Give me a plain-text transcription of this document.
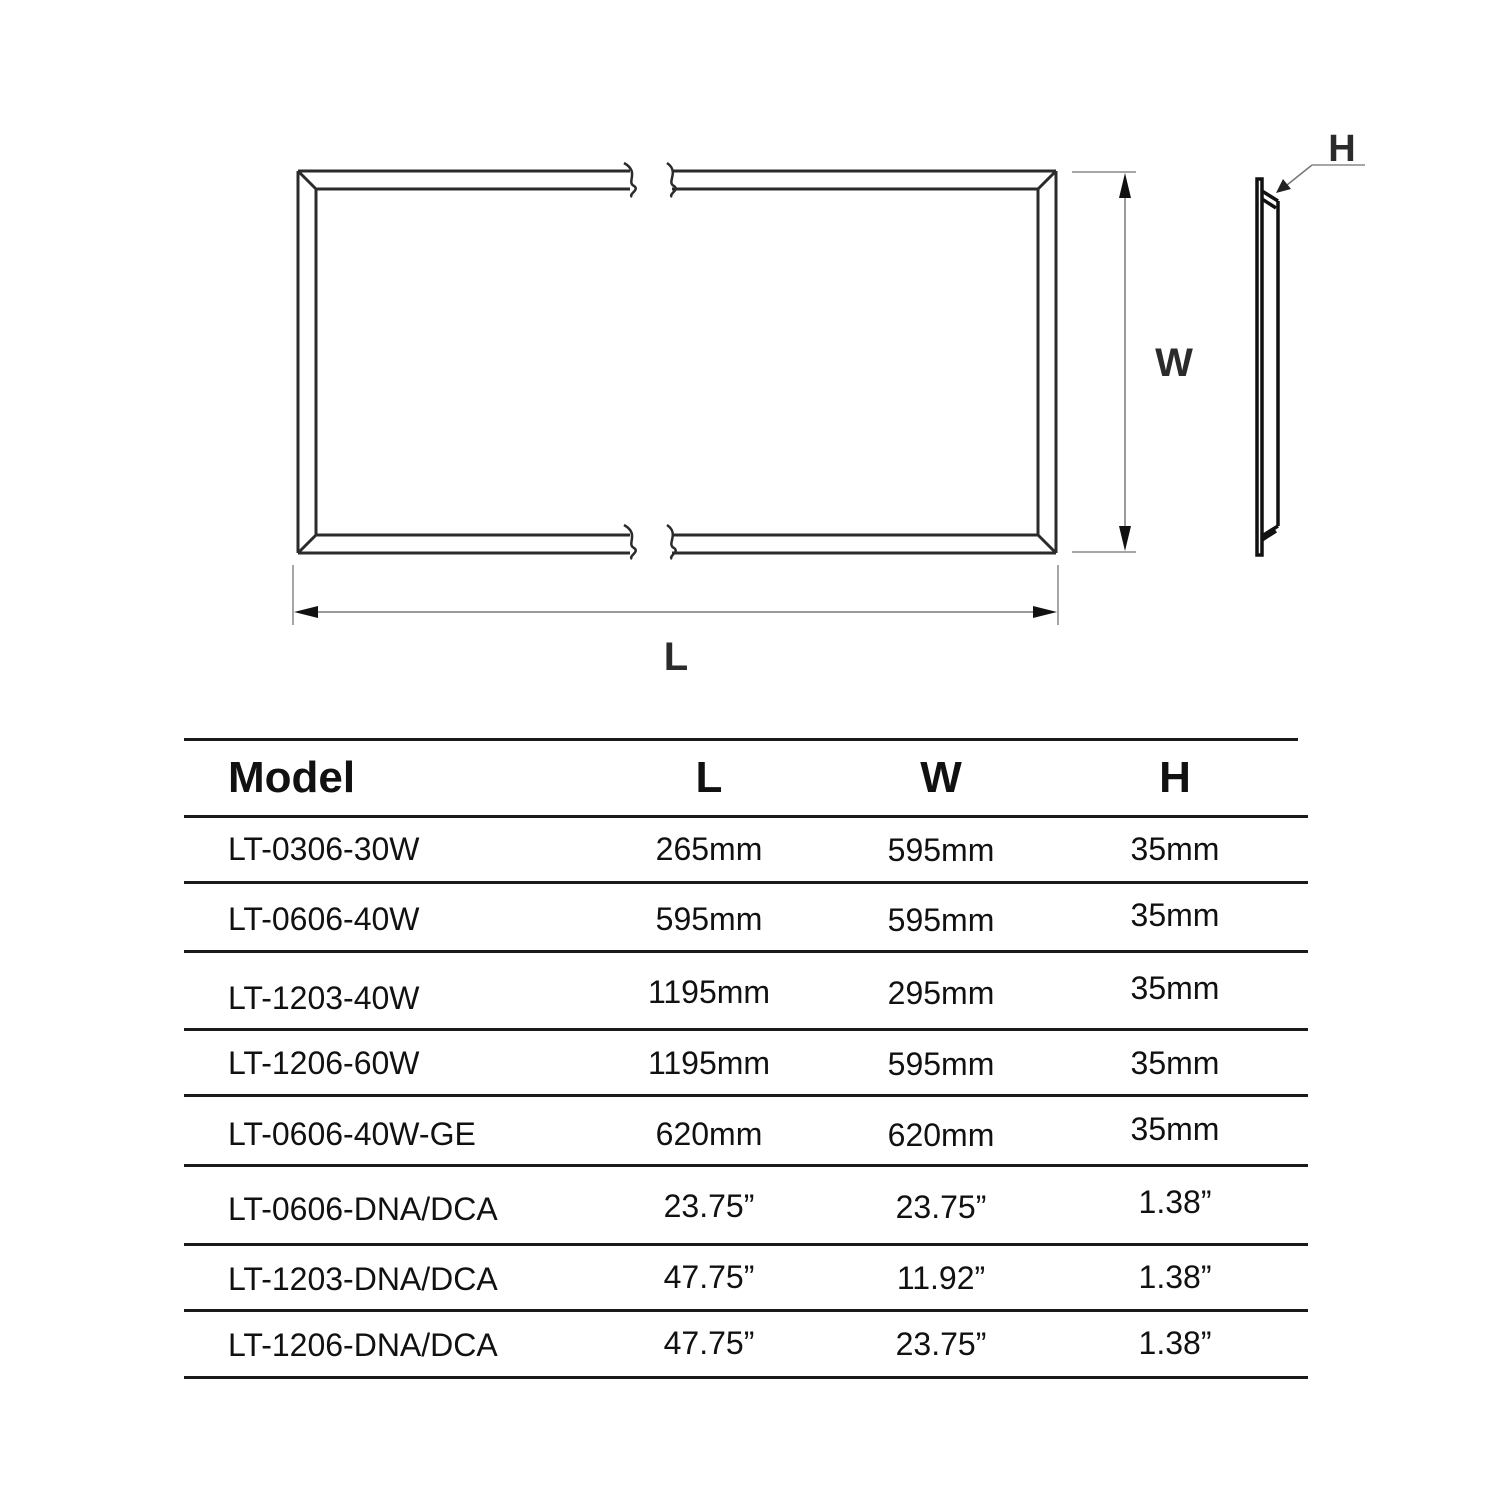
W
L
H
Model	L	W	H
LT-0306-30W	265mm	595mm	35mm
LT-0606-40W	595mm	595mm	35mm
LT-1203-40W	1195mm	295mm	35mm
LT-1206-60W	1195mm	595mm	35mm
LT-0606-40W-GE	620mm	620mm	35mm
LT-0606-DNA/DCA	23.75”	23.75”	1.38”
LT-1203-DNA/DCA	47.75”	11.92”	1.38”
LT-1206-DNA/DCA	47.75”	23.75”	1.38”
